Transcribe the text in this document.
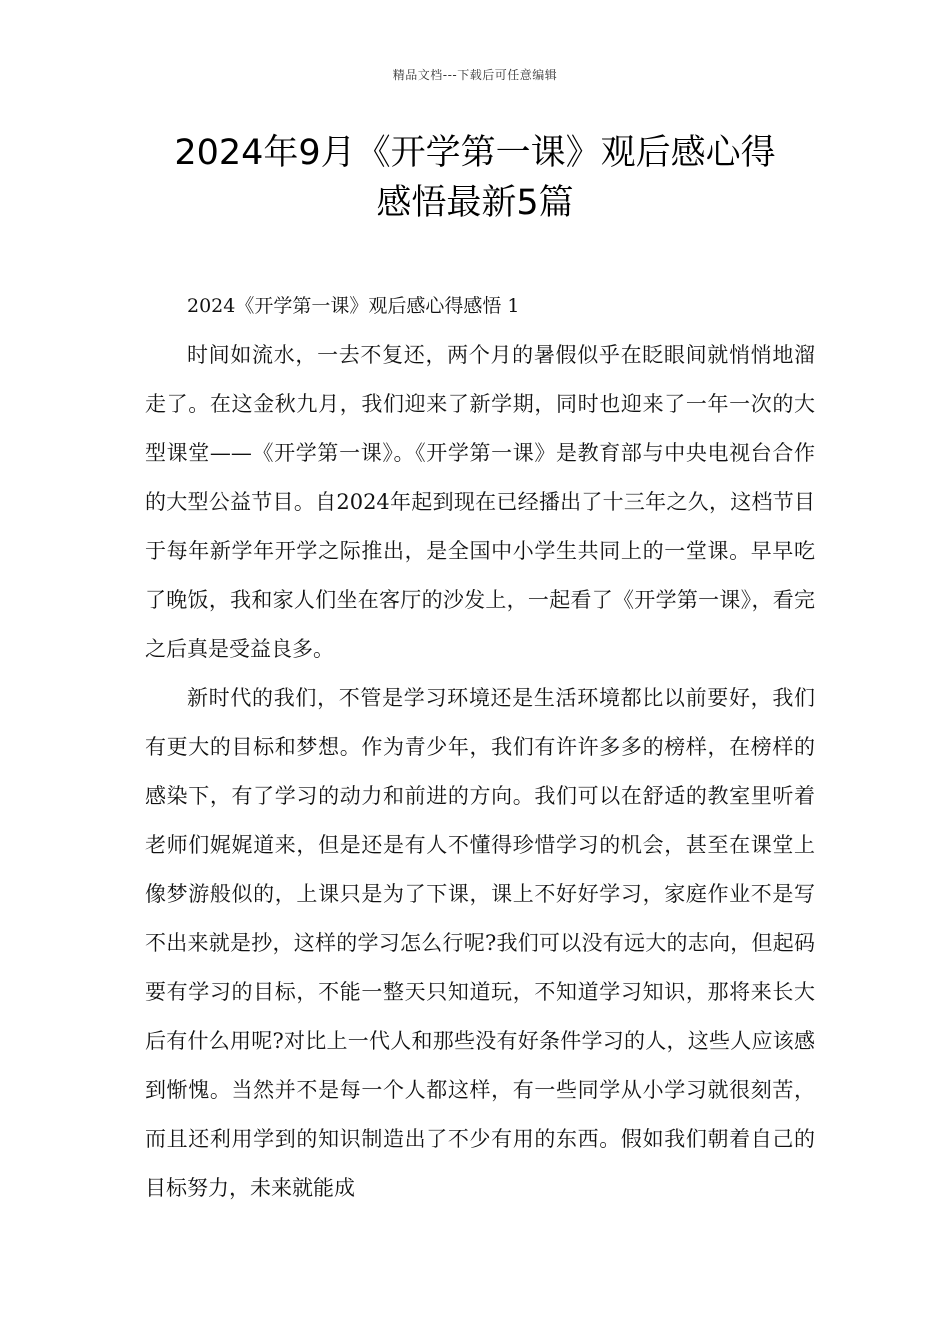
精品文档---下载后可任意编辑
2024年9月《开学第一课》观后感心得
感悟最新5篇

2024《开学第一课》观后感心得感悟 1

时间如流水，一去不复还，两个月的暑假似乎在眨眼间就悄悄地溜走了。在这金秋九月，我们迎来了新学期，同时也迎来了一年一次的大型课堂——《开学第一课》。《开学第一课》是教育部与中央电视台合作的大型公益节目。自2024年起到现在已经播出了十三年之久，这档节目于每年新学年开学之际推出，是全国中小学生共同上的一堂课。早早吃了晚饭，我和家人们坐在客厅的沙发上，一起看了《开学第一课》，看完之后真是受益良多。

新时代的我们，不管是学习环境还是生活环境都比以前要好，我们有更大的目标和梦想。作为青少年，我们有许许多多的榜样，在榜样的感染下，有了学习的动力和前进的方向。我们可以在舒适的教室里听着老师们娓娓道来，但是还是有人不懂得珍惜学习的机会，甚至在课堂上像梦游般似的，上课只是为了下课，课上不好好学习，家庭作业不是写不出来就是抄，这样的学习怎么行呢?我们可以没有远大的志向，但起码要有学习的目标，不能一整天只知道玩，不知道学习知识，那将来长大后有什么用呢?对比上一代人和那些没有好条件学习的人，这些人应该感到惭愧。当然并不是每一个人都这样，有一些同学从小学习就很刻苦，而且还利用学到的知识制造出了不少有用的东西。假如我们朝着自己的目标努力，未来就能成
